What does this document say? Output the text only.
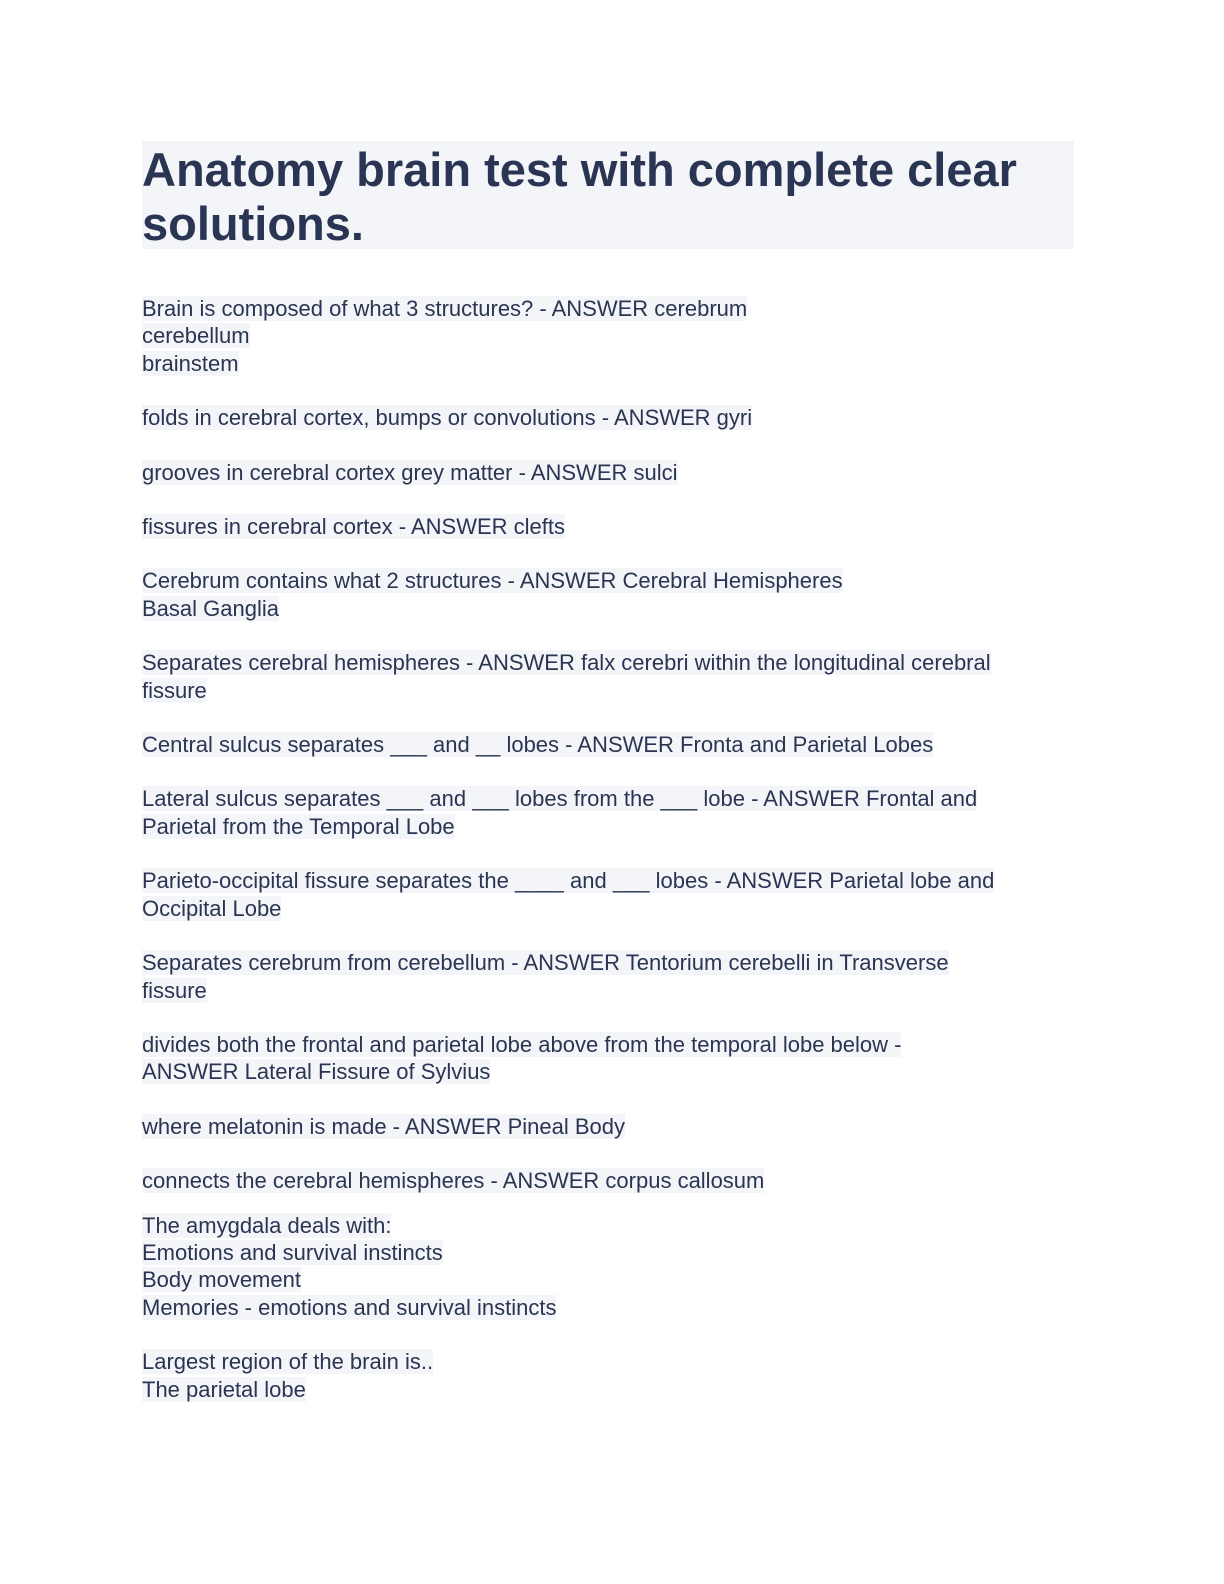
Anatomy brain test with complete clear solutions.
Brain is composed of what 3 structures? - ANSWER cerebrum
cerebellum
brainstem
folds in cerebral cortex, bumps or convolutions - ANSWER gyri
grooves in cerebral cortex grey matter - ANSWER sulci
fissures in cerebral cortex - ANSWER clefts
Cerebrum contains what 2 structures - ANSWER Cerebral Hemispheres
Basal Ganglia
Separates cerebral hemispheres - ANSWER falx cerebri within the longitudinal cerebral
fissure
Central sulcus separates ___ and __ lobes - ANSWER Fronta and Parietal Lobes
Lateral sulcus separates ___ and ___ lobes from the ___ lobe - ANSWER Frontal and
Parietal from the Temporal Lobe
Parieto-occipital fissure separates the ____ and ___ lobes - ANSWER Parietal lobe and
Occipital Lobe
Separates cerebrum from cerebellum - ANSWER Tentorium cerebelli in Transverse
fissure
divides both the frontal and parietal lobe above from the temporal lobe below -
ANSWER Lateral Fissure of Sylvius
where melatonin is made - ANSWER Pineal Body
connects the cerebral hemispheres - ANSWER corpus callosum
The amygdala deals with:
Emotions and survival instincts
Body movement
Memories - emotions and survival instincts
Largest region of the brain is..
The parietal lobe
